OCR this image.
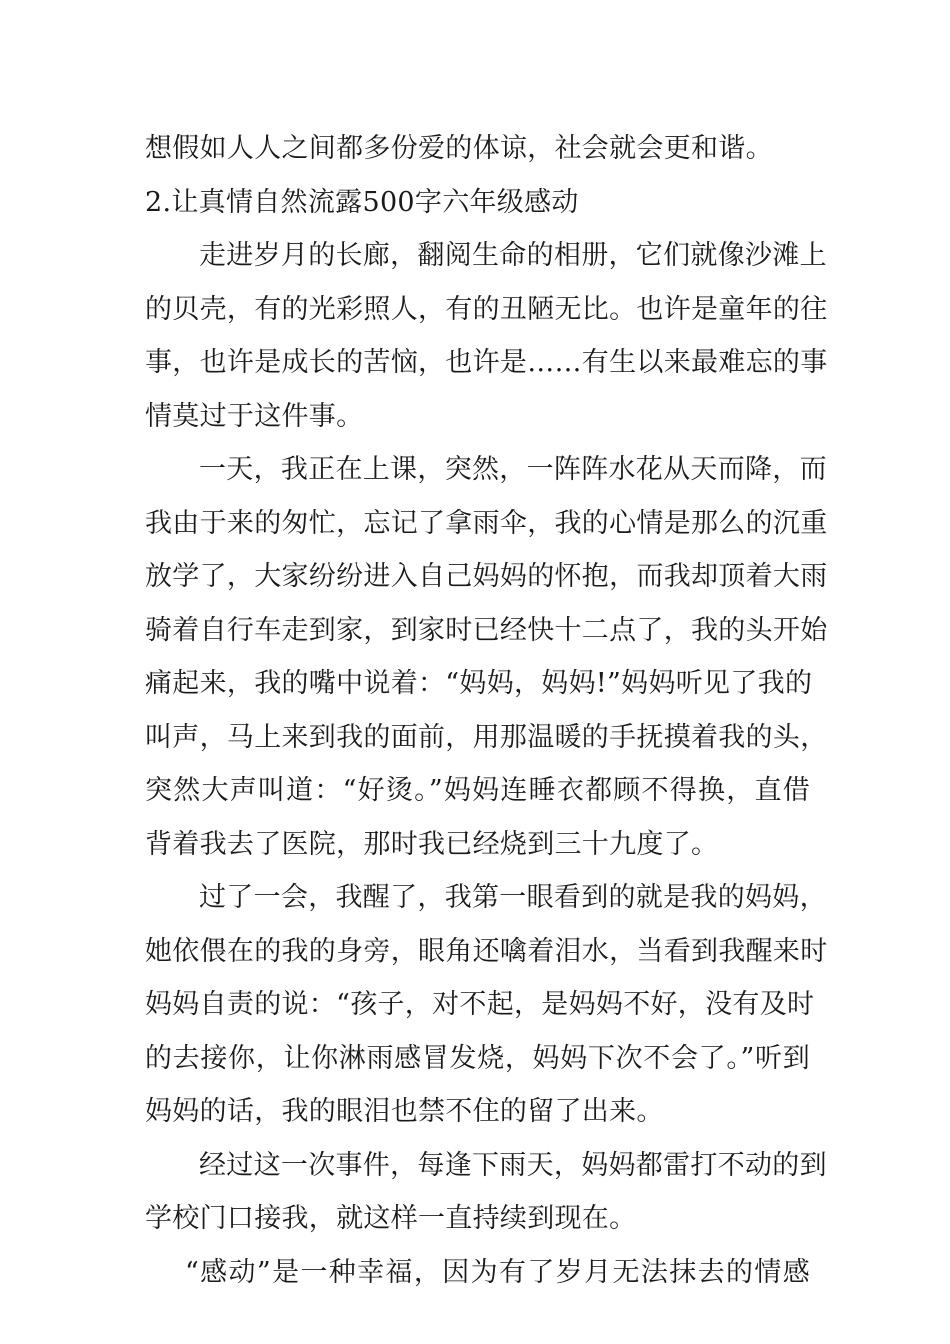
想假如人人之间都多份爱的体谅，社会就会更和谐。
2.让真情自然流露500字六年级感动
走进岁月的长廊，翻阅生命的相册，它们就像沙滩上
的贝壳，有的光彩照人，有的丑陋无比。也许是童年的往
事，也许是成长的苦恼，也许是……有生以来最难忘的事
情莫过于这件事。
一天，我正在上课，突然，一阵阵水花从天而降，而
我由于来的匆忙，忘记了拿雨伞，我的心情是那么的沉重
放学了，大家纷纷进入自己妈妈的怀抱，而我却顶着大雨
骑着自行车走到家，到家时已经快十二点了，我的头开始
痛起来，我的嘴中说着：“妈妈，妈妈!”妈妈听见了我的
叫声，马上来到我的面前，用那温暖的手抚摸着我的头，
突然大声叫道：“好烫。”妈妈连睡衣都顾不得换，直借
背着我去了医院，那时我已经烧到三十九度了。
过了一会，我醒了，我第一眼看到的就是我的妈妈，
她依偎在的我的身旁，眼角还噙着泪水，当看到我醒来时
妈妈自责的说：“孩子，对不起，是妈妈不好，没有及时
的去接你，让你淋雨感冒发烧，妈妈下次不会了。”听到
妈妈的话，我的眼泪也禁不住的留了出来。
经过这一次事件，每逢下雨天，妈妈都雷打不动的到
学校门口接我，就这样一直持续到现在。
“感动”是一种幸福，因为有了岁月无法抹去的情感
